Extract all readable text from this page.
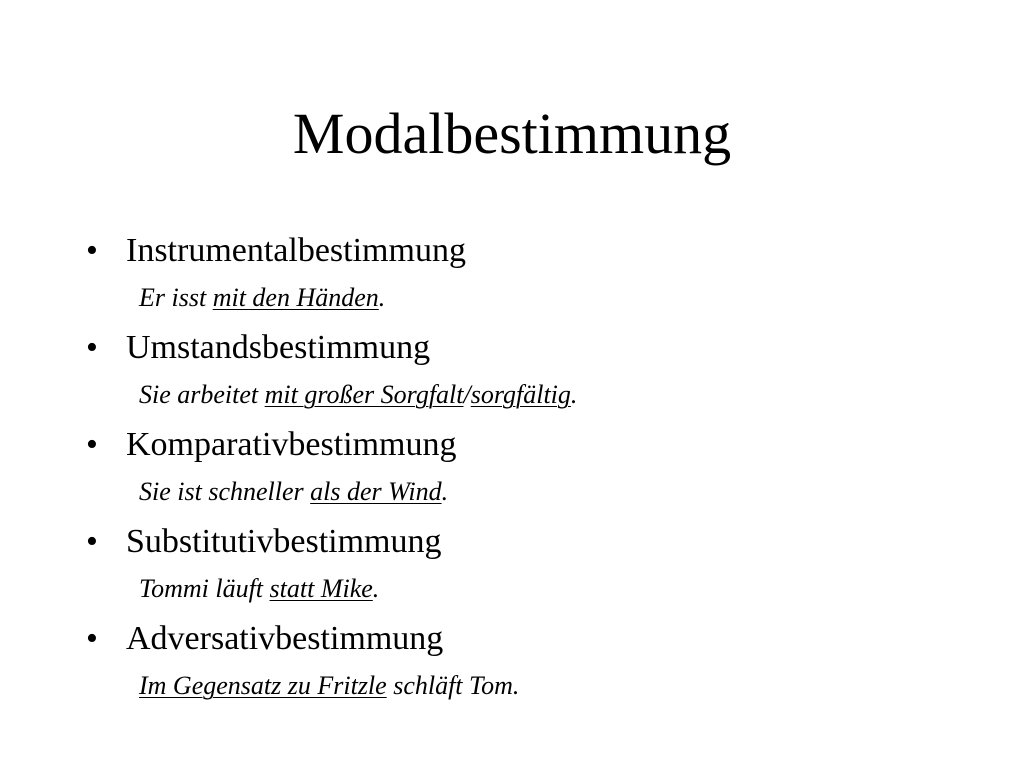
Modalbestimmung
• Instrumentalbestimmung
Er isst mit den Händen.
• Umstandsbestimmung
Sie arbeitet mit großer Sorgfalt/sorgfältig.
• Komparativbestimmung
Sie ist schneller als der Wind.
• Substitutivbestimmung
Tommi läuft statt Mike.
• Adversativbestimmung
Im Gegensatz zu Fritzle schläft Tom.
